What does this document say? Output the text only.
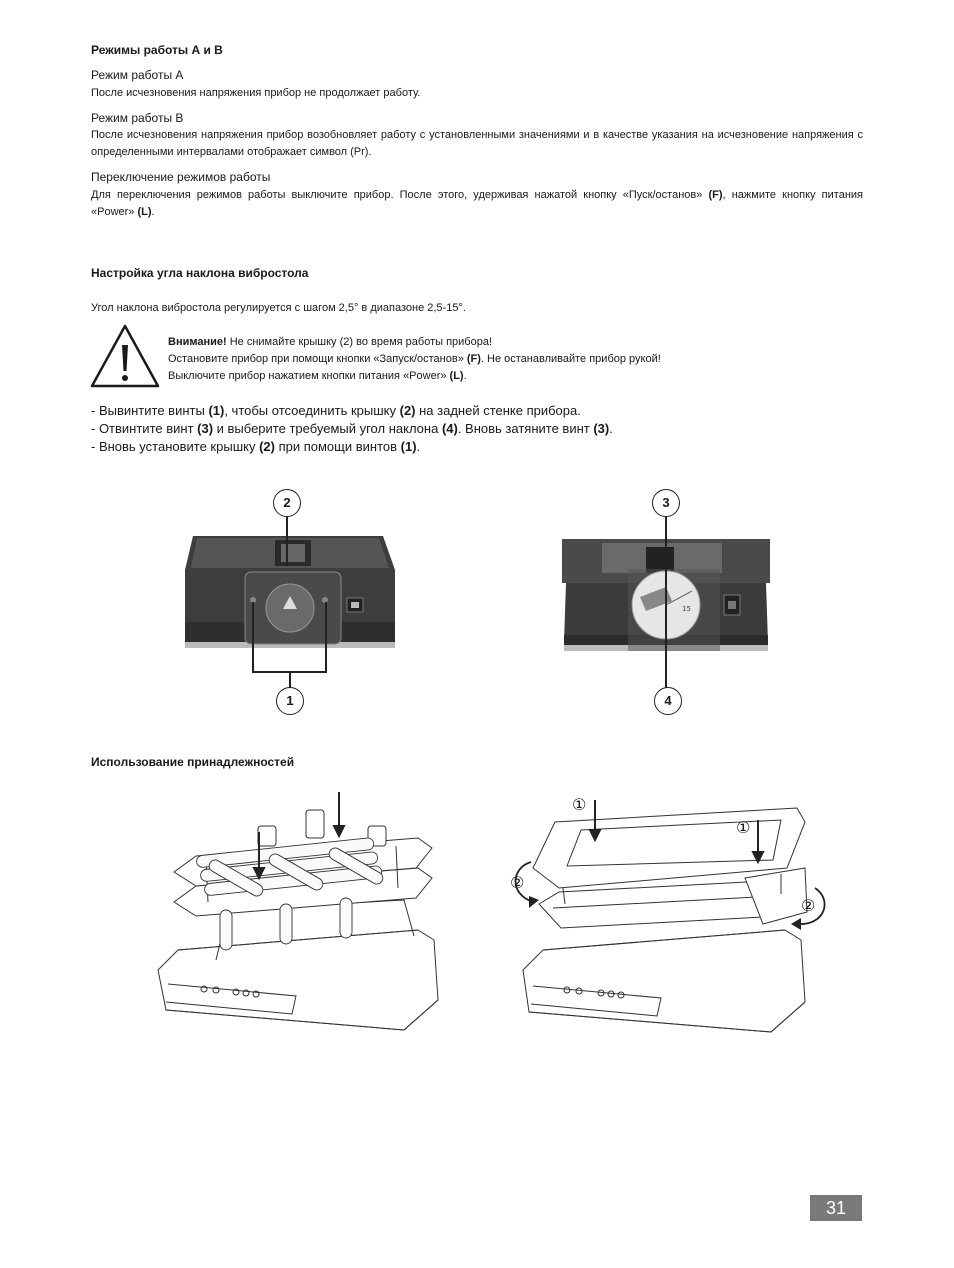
Режимы работы А и В
Режим работы A
После исчезновения напряжения прибор не продолжает работу.
Режим работы B
После исчезновения напряжения прибор возобновляет работу с установленными значениями и в качестве указания на исчезновение напряжения с определенными интервалами отображает символ (Pr).
Переключение режимов работы
Для переключения режимов работы выключите прибор. После этого, удерживая нажатой кнопку «Пуск/останов» (F), нажмите кнопку питания «Power» (L).
Настройка угла наклона вибростола
Угол наклона вибростола регулируется с шагом 2,5° в диапазоне 2,5-15°.
Внимание! Не снимайте крышку (2) во время работы прибора!
Остановите прибор при помощи кнопки «Запуск/останов» (F). Не останавливайте прибор рукой!
Выключите прибор нажатием кнопки питания «Power» (L).
- Вывинтите винты (1), чтобы отсоединить крышку (2) на задней стенке прибора.
- Отвинтите винт (3) и выберите требуемый угол наклона (4). Вновь затяните винт (3).
- Вновь установите крышку (2) при помощи винтов (1).
2
1
15
3
4
Использование принадлежностей
①
①
②
②
31
